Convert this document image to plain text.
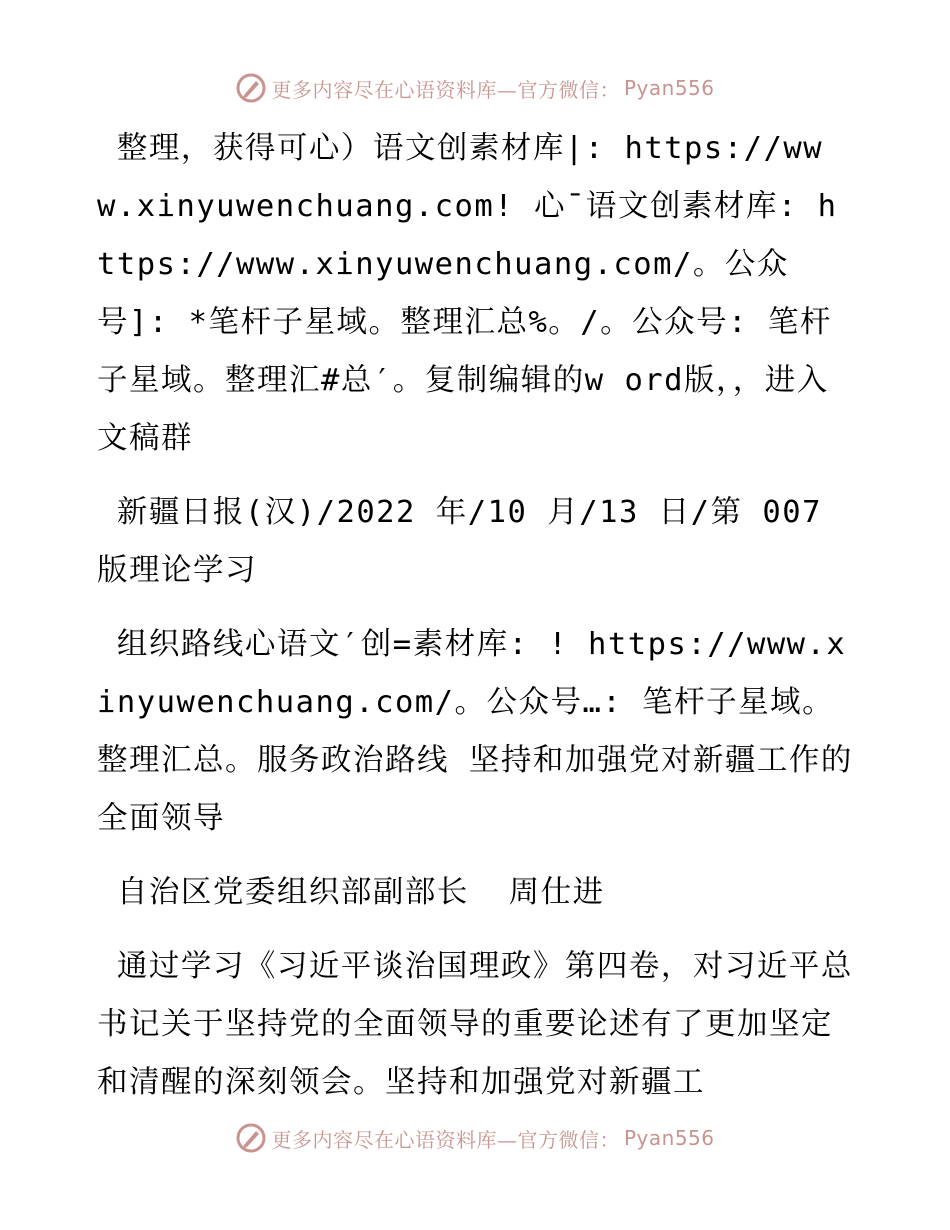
更多内容尽在心语资料库—官方微信： Pyan556

整理，获得可心）语文创素材库|: https://www.xinyuwenchuang.com! 心¯语文创素材库: https://www.xinyuwenchuang.com/。公众号]: *笔杆子星域。整理汇总%。/。公众号: 笔杆子星域。整理汇#总′。复制编辑的w ord版，，进入文稿群

新疆日报(汉)/2022 年/10 月/13 日/第 007 版理论学习

组织路线心语文′创=素材库: ! https://www.xinyuwenchuang.com/。公众号…: 笔杆子星域。整理汇总。服务政治路线 坚持和加强党对新疆工作的全面领导

自治区党委组织部副部长  周仕进

通过学习《习近平谈治国理政》第四卷，对习近平总书记关于坚持党的全面领导的重要论述有了更加坚定和清醒的深刻领会。坚持和加强党对新疆工

更多内容尽在心语资料库—官方微信： Pyan556
